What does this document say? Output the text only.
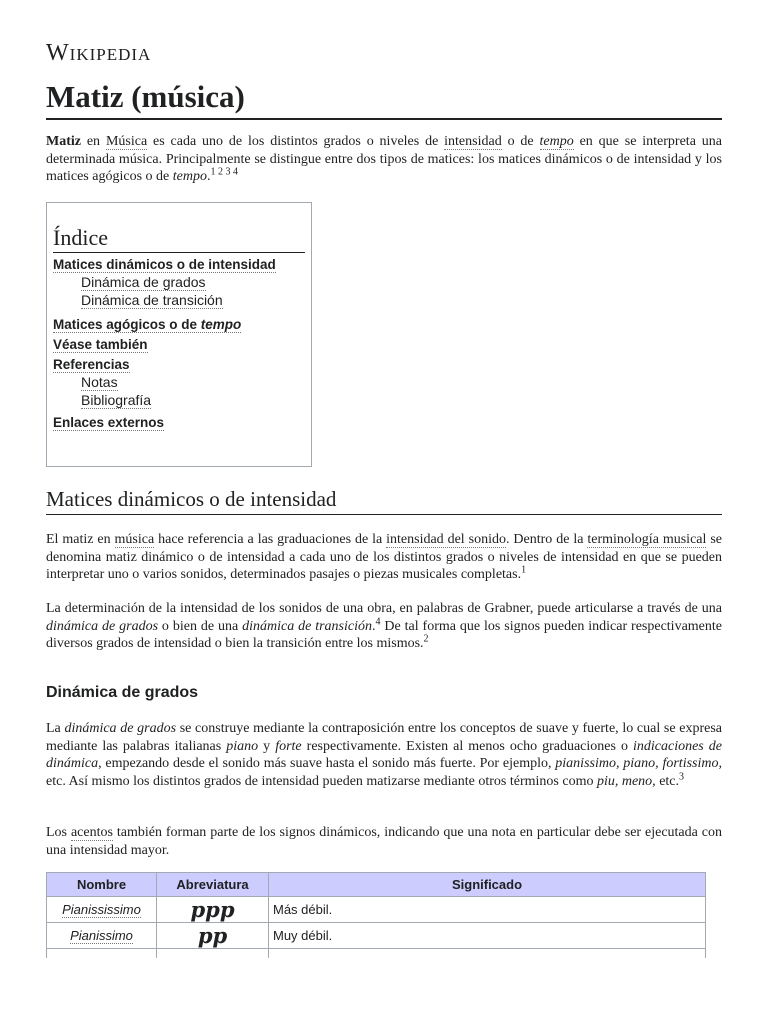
Wikipedia
Matiz (música)

Matiz en Música es cada uno de los distintos grados o niveles de intensidad o de tempo en que se interpreta una determinada música. Principalmente se distingue entre dos tipos de matices: los matices dinámicos o de intensidad y los matices agógicos o de tempo.$^{1 2 3 4}$

Índice
Matices dinámicos o de intensidad
Dinámica de grados
Dinámica de transición
Matices agógicos o de tempo
Véase también
Referencias
Notas
Bibliografía
Enlaces externos
Matices dinámicos o de intensidad

El matiz en música hace referencia a las graduaciones de la intensidad del sonido. Dentro de la terminología musical se denomina matiz dinámico o de intensidad a cada uno de los distintos grados o niveles de intensidad en que se pueden interpretar uno o varios sonidos, determinados pasajes o piezas musicales completas.$^1$

La determinación de la intensidad de los sonidos de una obra, en palabras de Grabner, puede articularse a través de una dinámica de grados o bien de una dinámica de transición.$^4$ De tal forma que los signos pueden indicar respectivamente diversos grados de intensidad o bien la transición entre los mismos.$^2$

Dinámica de grados

La dinámica de grados se construye mediante la contraposición entre los conceptos de suave y fuerte, lo cual se expresa mediante las palabras italianas piano y forte respectivamente. Existen al menos ocho graduaciones o indicaciones de dinámica, empezando desde el sonido más suave hasta el sonido más fuerte. Por ejemplo, pianissimo, piano, fortissimo, etc. Así mismo los distintos grados de intensidad pueden matizarse mediante otros términos como piu, meno, etc.$^3$

Los acentos también forman parte de los signos dinámicos, indicando que una nota en particular debe ser ejecutada con una intensidad mayor.

Nombre	Abreviatura	Significado
Pianississimo	ppp	Más débil.
Pianissimo	pp	Muy débil.
